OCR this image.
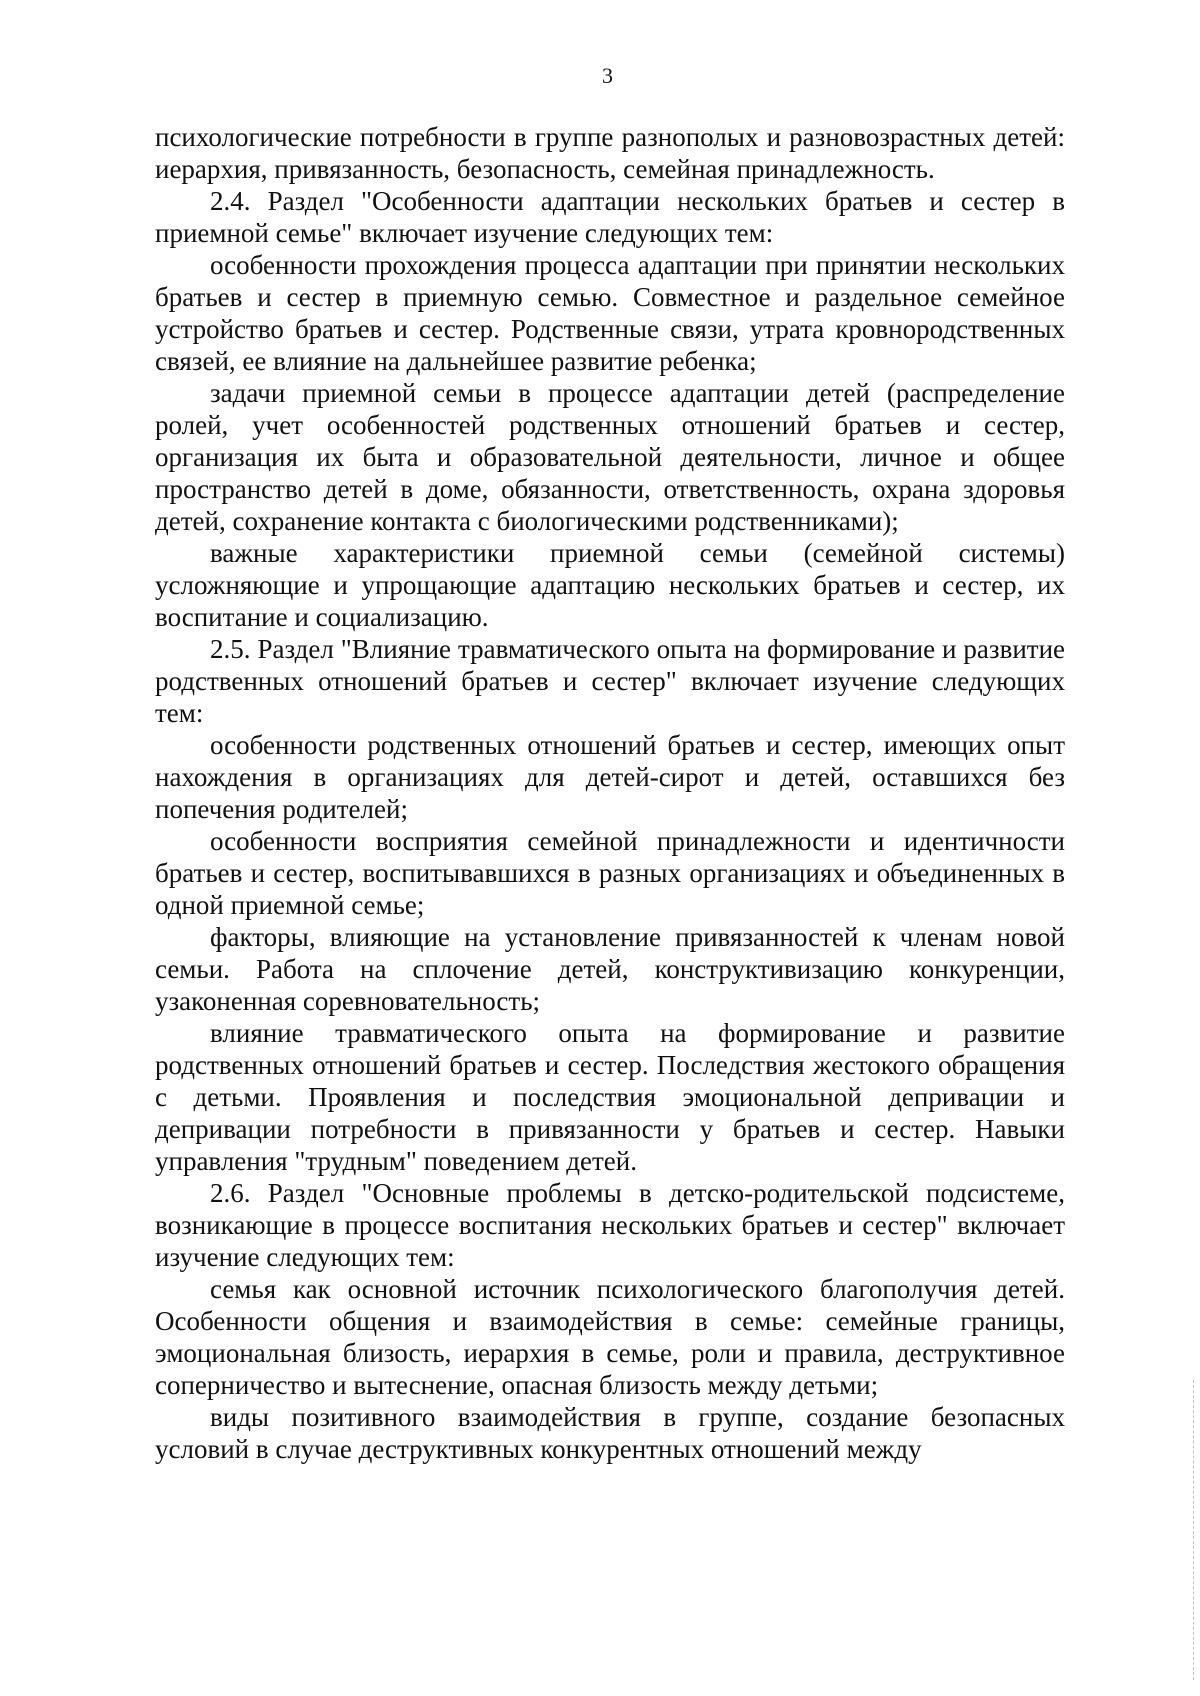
3

психологические потребности в группе разнополых и разновозрастных детей: иерархия, привязанность, безопасность, семейная принадлежность.

2.4. Раздел "Особенности адаптации нескольких братьев и сестер в приемной семье" включает изучение следующих тем:

особенности прохождения процесса адаптации при принятии нескольких братьев и сестер в приемную семью. Совместное и раздельное семейное устройство братьев и сестер. Родственные связи, утрата кровнородственных связей, ее влияние на дальнейшее развитие ребенка;

задачи приемной семьи в процессе адаптации детей (распределение ролей, учет особенностей родственных отношений братьев и сестер, организация их быта и образовательной деятельности, личное и общее пространство детей в доме, обязанности, ответственность, охрана здоровья детей, сохранение контакта с биологическими родственниками);

важные характеристики приемной семьи (семейной системы) усложняющие и упрощающие адаптацию нескольких братьев и сестер, их воспитание и социализацию.

2.5. Раздел "Влияние травматического опыта на формирование и развитие родственных отношений братьев и сестер" включает изучение следующих тем:

особенности родственных отношений братьев и сестер, имеющих опыт нахождения в организациях для детей-сирот и детей, оставшихся без попечения родителей;

особенности восприятия семейной принадлежности и идентичности братьев и сестер, воспитывавшихся в разных организациях и объединенных в одной приемной семье;

факторы, влияющие на установление привязанностей к членам новой семьи. Работа на сплочение детей, конструктивизацию конкуренции, узаконенная соревновательность;

влияние травматического опыта на формирование и развитие родственных отношений братьев и сестер. Последствия жестокого обращения с детьми. Проявления и последствия эмоциональной депривации и депривации потребности в привязанности у братьев и сестер. Навыки управления "трудным" поведением детей.

2.6. Раздел "Основные проблемы в детско-родительской подсистеме, возникающие в процессе воспитания нескольких братьев и сестер" включает изучение следующих тем:

семья как основной источник психологического благополучия детей. Особенности общения и взаимодействия в семье: семейные границы, эмоциональная близость, иерархия в семье, роли и правила, деструктивное соперничество и вытеснение, опасная близость между детьми;

виды позитивного взаимодействия в группе, создание безопасных условий в случае деструктивных конкурентных отношений между
